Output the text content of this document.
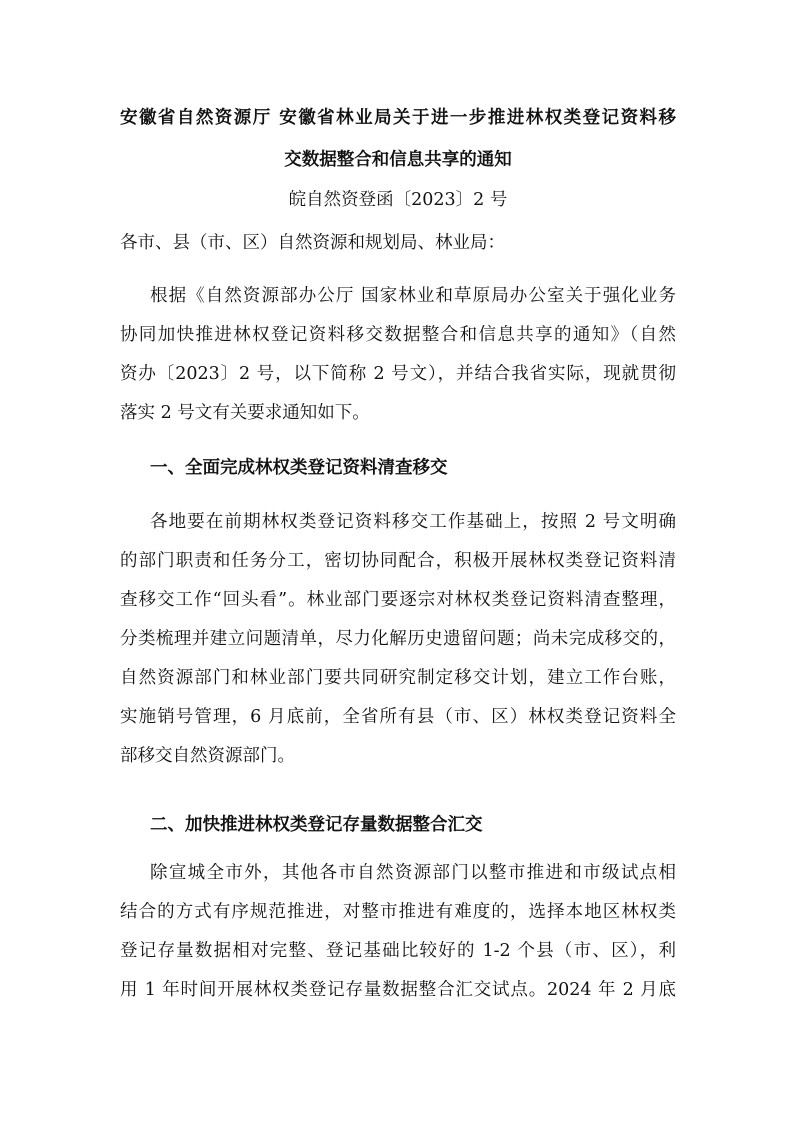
安徽省自然资源厅 安徽省林业局关于进一步推进林权类登记资料移
交数据整合和信息共享的通知
皖自然资登函〔2023〕2 号
各市、县（市、区）自然资源和规划局、林业局：
根据《自然资源部办公厅 国家林业和草原局办公室关于强化业务
协同加快推进林权登记资料移交数据整合和信息共享的通知》（自然
资办〔2023〕2 号，以下简称 2 号文），并结合我省实际，现就贯彻
落实 2 号文有关要求通知如下。
一、全面完成林权类登记资料清查移交
各地要在前期林权类登记资料移交工作基础上，按照 2 号文明确
的部门职责和任务分工，密切协同配合，积极开展林权类登记资料清
查移交工作“回头看”。林业部门要逐宗对林权类登记资料清查整理，
分类梳理并建立问题清单，尽力化解历史遗留问题；尚未完成移交的，
自然资源部门和林业部门要共同研究制定移交计划，建立工作台账，
实施销号管理，6 月底前，全省所有县（市、区）林权类登记资料全
部移交自然资源部门。
二、加快推进林权类登记存量数据整合汇交
除宣城全市外，其他各市自然资源部门以整市推进和市级试点相
结合的方式有序规范推进，对整市推进有难度的，选择本地区林权类
登记存量数据相对完整、登记基础比较好的 1-2 个县（市、区），利
用 1 年时间开展林权类登记存量数据整合汇交试点。2024 年 2 月底
